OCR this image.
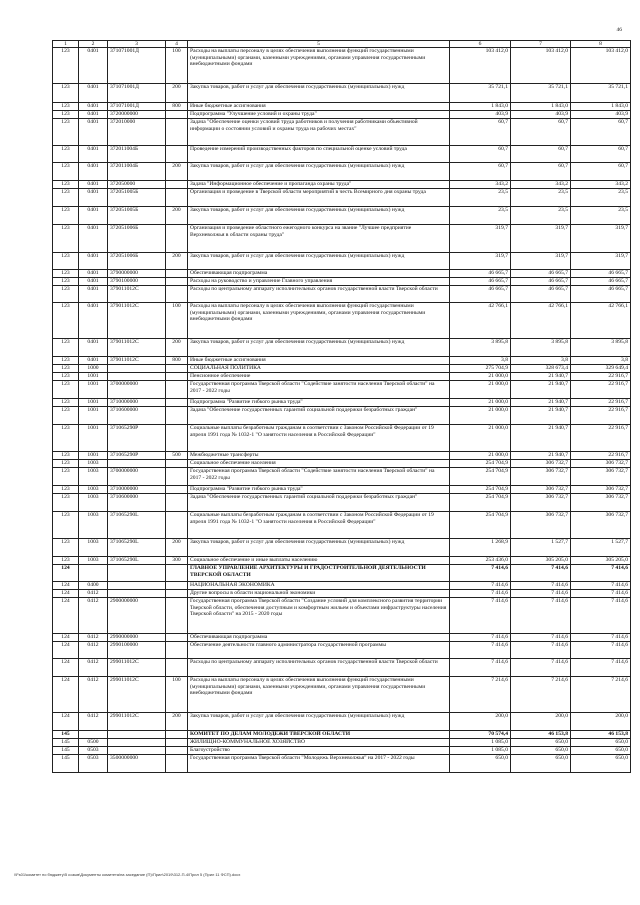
46
1	2	3	4	5	6	7	8
123	0401	371071001Д	100	Расходы на выплаты персоналу в целях обеспечения выполнения функций государственными (муниципальными) органами, казенными учреждениями, органами управления государственными внебюджетными фондами	103 412,0	103 412,0	103 412,0
123	0401	371071001Д	200	Закупка товаров, работ и услуг для обеспечения государственных (муниципальных) нужд	35 721,1	35 721,1	35 721,1
123	0401	371071001Д	800	Иные бюджетные ассигнования	1 843,0	1 843,0	1 843,0
123	0401	3720000000		Подпрограмма "Улучшение условий и охраны труда"	403,9	403,9	403,9
123	0401	372010000		Задача "Обеспечение оценки условий труда работников и получения работниками объективной информации о состоянии условий и охраны труда на рабочих местах"	60,7	60,7	60,7
123	0401	372011004Б		Проведение измерений производственных факторов по специальной оценке условий труда	60,7	60,7	60,7
123	0401	372011004Б	200	Закупка товаров, работ и услуг для обеспечения государственных (муниципальных) нужд	60,7	60,7	60,7
123	0401	372050000		Задача "Информационное обеспечение и пропаганда охраны труда"	343,2	343,2	343,2
123	0401	372051005Б		Организация и проведение в Тверской области мероприятий в честь Всемирного дня охраны труда	23,5	23,5	23,5
123	0401	372051005Б	200	Закупка товаров, работ и услуг для обеспечения государственных (муниципальных) нужд	23,5	23,5	23,5
123	0401	372051006Б		Организация и проведение областного ежегодного конкурса на звание "Лучшее предприятие Верхневолжья в области охраны труда"	319,7	319,7	319,7
123	0401	372051006Б	200	Закупка товаров, работ и услуг для обеспечения государственных (муниципальных) нужд	319,7	319,7	319,7
123	0401	3790000000		Обеспечивающая подпрограмма	46 665,7	46 665,7	46 665,7
123	0401	3790100000		Расходы на руководство и управление Главного управления	46 665,7	46 665,7	46 665,7
123	0401	379011012С		Расходы по центральному аппарату исполнительных органов государственной власти Тверской области	46 665,7	46 665,7	46 665,7
123	0401	379011012С	100	Расходы на выплаты персоналу в целях обеспечения выполнения функций государственными (муниципальными) органами, казенными учреждениями, органами управления государственными внебюджетными фондами	42 766,1	42 766,1	42 766,1
123	0401	379011012С	200	Закупка товаров, работ и услуг для обеспечения государственных (муниципальных) нужд	3 895,8	3 895,8	3 895,8
123	0401	379011012С	800	Иные бюджетные ассигнования	3,8	3,8	3,8
123	1000			СОЦИАЛЬНАЯ ПОЛИТИКА	275 704,9	328 673,4	329 649,4
123	1001			Пенсионное обеспечение	21 000,0	21 940,7	22 916,7
123	1001	3700000000		Государственная программа Тверской области "Содействие занятости населения Тверской области" на 2017 - 2022 годы	21 000,0	21 940,7	22 916,7
123	1001	3710000000		Подпрограмма "Развитие гибкого рынка труда"	21 000,0	21 940,7	22 916,7
123	1001	3710600000		Задача "Обеспечение государственных гарантий социальной поддержки безработных граждан"	21 000,0	21 940,7	22 916,7
123	1001	371065290Р		Социальные выплаты безработным гражданам в соответствии с Законом Российской Федерации от 19 апреля 1991 года № 1032-1 "О занятости населения в Российской Федерации"	21 000,0	21 940,7	22 916,7
123	1001	371065290Р	500	Межбюджетные трансферты	21 000,0	21 940,7	22 916,7
123	1003			Социальное обеспечение населения	254 704,9	306 732,7	306 732,7
123	1003	3700000000		Государственная программа Тверской области "Содействие занятости населения Тверской области" на 2017 - 2022 годы	254 704,9	306 732,7	306 732,7
123	1003	3710000000		Подпрограмма "Развитие гибкого рынка труда"	254 704,9	306 732,7	306 732,7
123	1003	3710600000		Задача "Обеспечение государственных гарантий социальной поддержки безработных граждан"	254 704,9	306 732,7	306 732,7
123	1003	371065290L		Социальные выплаты безработным гражданам в соответствии с Законом Российской Федерации от 19 апреля 1991 года № 1032-1 "О занятости населения в Российской Федерации"	254 704,9	306 732,7	306 732,7
123	1003	371065290L	200	Закупка товаров, работ и услуг для обеспечения государственных (муниципальных) нужд	1 268,9	1 527,7	1 527,7
123	1003	371065290L	300	Социальное обеспечение и иные выплаты населению	253 436,0	305 205,0	305 205,0
124				ГЛАВНОЕ УПРАВЛЕНИЕ АРХИТЕКТУРЫ И ГРАДОСТРОИТЕЛЬНОЙ ДЕЯТЕЛЬНОСТИ ТВЕРСКОЙ ОБЛАСТИ	7 414,6	7 414,6	7 414,6
124	0400			НАЦИОНАЛЬНАЯ ЭКОНОМИКА	7 414,6	7 414,6	7 414,6
124	0412			Другие вопросы в области национальной экономики	7 414,6	7 414,6	7 414,6
124	0412	2900000000		Государственная программа Тверской области "Создание условий для комплексного развития территории Тверской области, обеспечения доступным и комфортным жильем и объектами инфраструктуры населения Тверской области" на 2015 - 2020 годы	7 414,6	7 414,6	7 414,6
124	0412	2990000000		Обеспечивающая подпрограмма	7 414,6	7 414,6	7 414,6
124	0412	2990100000		Обеспечение деятельности главного администратора государственной программы	7 414,6	7 414,6	7 414,6
124	0412	299011012С		Расходы по центральному аппарату исполнительных органов государственной власти Тверской области	7 414,6	7 414,6	7 414,6
124	0412	299011012С	100	Расходы на выплаты персоналу в целях обеспечения выполнения функций государственными (муниципальными) органами, казенными учреждениями, органами управления государственными внебюджетными фондами	7 214,6	7 214,6	7 214,6
124	0412	299011012С	200	Закупка товаров, работ и услуг для обеспечения государственных (муниципальных) нужд	200,0	200,0	200,0
145				КОМИТЕТ ПО ДЕЛАМ МОЛОДЕЖИ ТВЕРСКОЙ ОБЛАСТИ	70 574,4	46 153,8	46 153,8
145	0500			ЖИЛИЩНО-КОММУНАЛЬНОЕ ХОЗЯЙСТВО	1 085,0	650,0	650,0
145	0503			Благоустройство	1 085,0	650,0	650,0
145	0503	3500000000		Государственная программа Тверской области "Молодежь Верхневолжья" на 2017 - 2022 годы	650,0	650,0	650,0
\\Fs01\комитет по бюджету\5 созыв\Документы комитета\на заседание (П)\Прил\2019\312-П-4\Прил 5 (Прил 11 ФСП).docx
